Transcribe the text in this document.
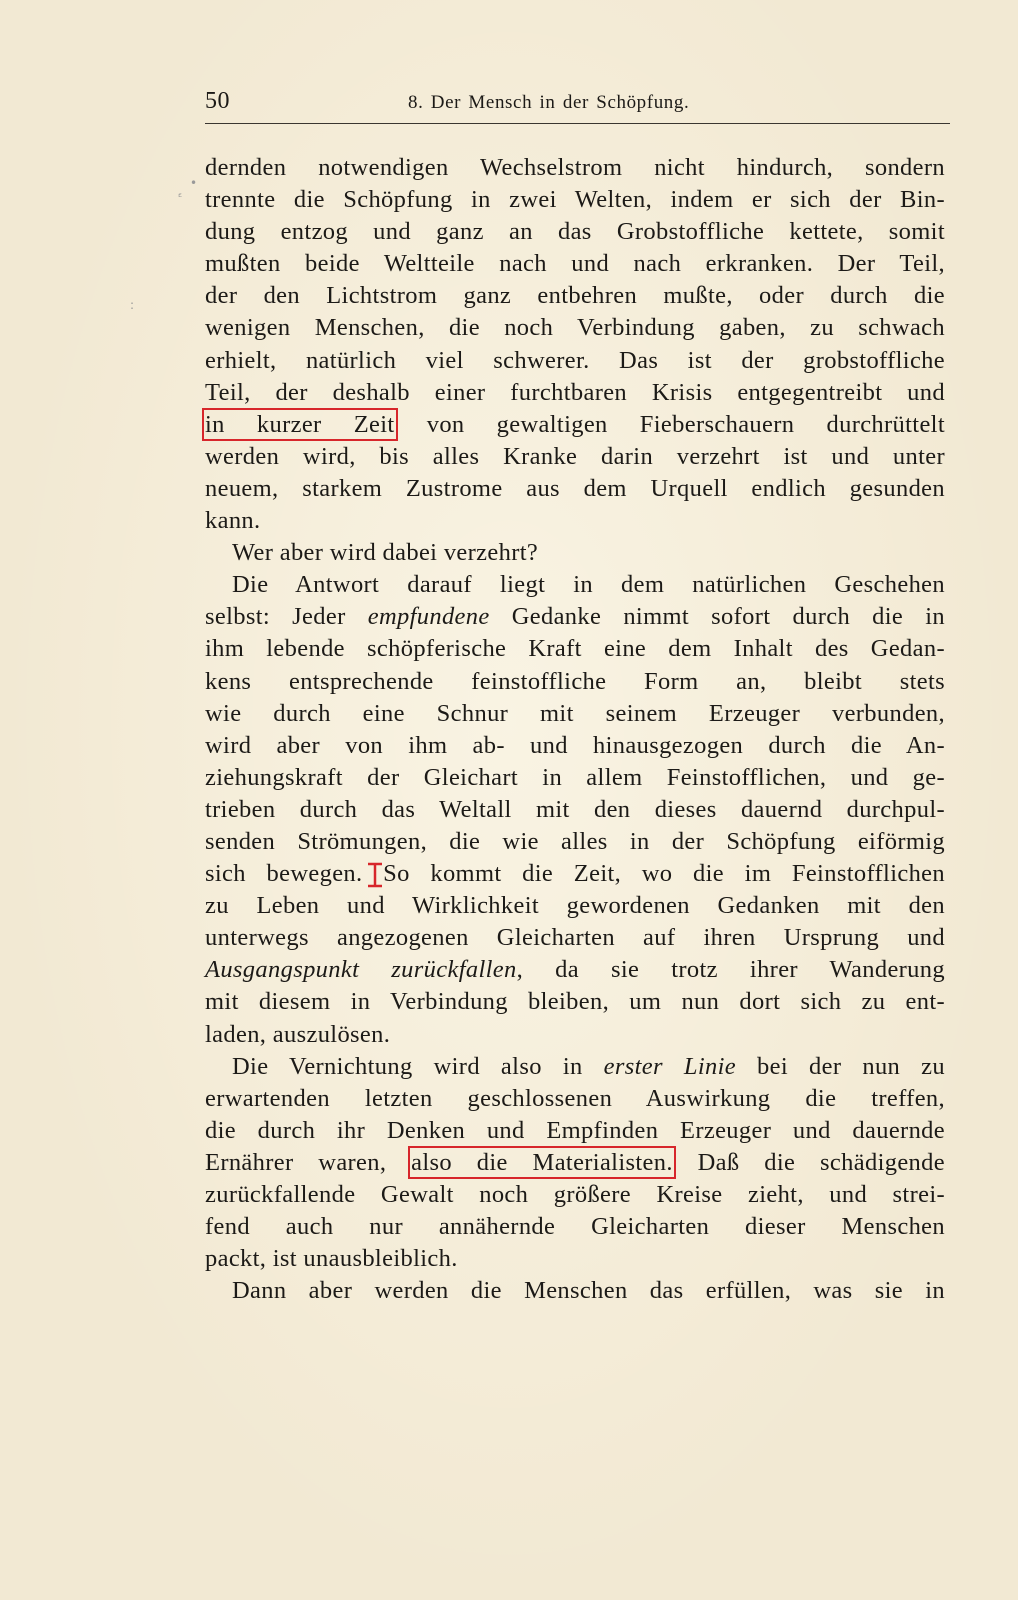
•
ᵋ
:
50	8. Der Mensch in der Schöpfung.
dernden notwendigen Wechselstrom nicht hindurch, sondern
trennte die Schöpfung in zwei Welten, indem er sich der Bin-
dung entzog und ganz an das Grobstoffliche kettete, somit
mußten beide Weltteile nach und nach erkranken. Der Teil,
der den Lichtstrom ganz entbehren mußte, oder durch die
wenigen Menschen, die noch Verbindung gaben, zu schwach
erhielt, natürlich viel schwerer. Das ist der grobstoffliche
Teil, der deshalb einer furchtbaren Krisis entgegentreibt und
in kurzer Zeit von gewaltigen Fieberschauern durchrüttelt
werden wird, bis alles Kranke darin verzehrt ist und unter
neuem, starkem Zustrome aus dem Urquell endlich gesunden
kann.
Wer aber wird dabei verzehrt?
Die Antwort darauf liegt in dem natürlichen Geschehen
selbst: Jeder empfundene Gedanke nimmt sofort durch die in
ihm lebende schöpferische Kraft eine dem Inhalt des Gedan-
kens entsprechende feinstoffliche Form an, bleibt stets
wie durch eine Schnur mit seinem Erzeuger verbunden,
wird aber von ihm ab- und hinausgezogen durch die An-
ziehungskraft der Gleichart in allem Feinstofflichen, und ge-
trieben durch das Weltall mit den dieses dauernd durchpul-
senden Strömungen, die wie alles in der Schöpfung eiförmig
sich bewegen. So kommt die Zeit, wo die im Feinstofflichen
zu Leben und Wirklichkeit gewordenen Gedanken mit den
unterwegs angezogenen Gleicharten auf ihren Ursprung und
Ausgangspunkt zurückfallen, da sie trotz ihrer Wanderung
mit diesem in Verbindung bleiben, um nun dort sich zu ent-
laden, auszulösen.
Die Vernichtung wird also in erster Linie bei der nun zu
erwartenden letzten geschlossenen Auswirkung die treffen,
die durch ihr Denken und Empfinden Erzeuger und dauernde
Ernährer waren, also die Materialisten. Daß die schädigende
zurückfallende Gewalt noch größere Kreise zieht, und strei-
fend auch nur annähernde Gleicharten dieser Menschen
packt, ist unausbleiblich.
Dann aber werden die Menschen das erfüllen, was sie in
